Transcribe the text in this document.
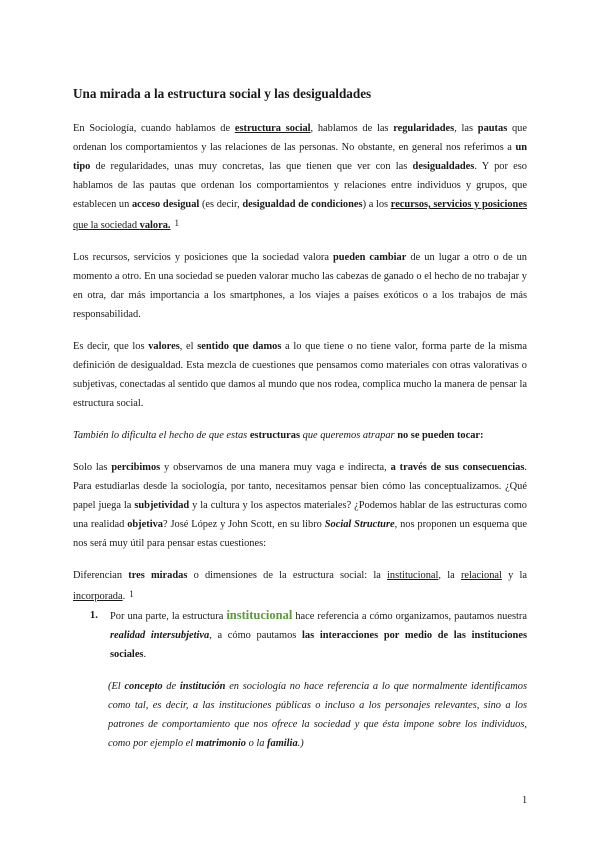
Una mirada a la estructura social y las desigualdades

En Sociología, cuando hablamos de estructura social, hablamos de las regularidades, las pautas que ordenan los comportamientos y las relaciones de las personas. No obstante, en general nos referimos a un tipo de regularidades, unas muy concretas, las que tienen que ver con las desigualdades. Y por eso hablamos de las pautas que ordenan los comportamientos y relaciones entre individuos y grupos, que establecen un acceso desigual (es decir, desigualdad de condiciones) a los recursos, servicios y posiciones que la sociedad valora. 1

Los recursos, servicios y posiciones que la sociedad valora pueden cambiar de un lugar a otro o de un momento a otro. En una sociedad se pueden valorar mucho las cabezas de ganado o el hecho de no trabajar y en otra, dar más importancia a los smartphones, a los viajes a países exóticos o a los trabajos de más responsabilidad.

Es decir, que los valores, el sentido que damos a lo que tiene o no tiene valor, forma parte de la misma definición de desigualdad. Esta mezcla de cuestiones que pensamos como materiales con otras valorativas o subjetivas, conectadas al sentido que damos al mundo que nos rodea, complica mucho la manera de pensar la estructura social.

También lo dificulta el hecho de que estas estructuras que queremos atrapar no se pueden tocar:

Solo las percibimos y observamos de una manera muy vaga e indirecta, a través de sus consecuencias. Para estudiarlas desde la sociología, por tanto, necesitamos pensar bien cómo las conceptualizamos. ¿Qué papel juega la subjetividad y la cultura y los aspectos materiales? ¿Podemos hablar de las estructuras como una realidad objetiva? José López y John Scott, en su libro Social Structure, nos proponen un esquema que nos será muy útil para pensar estas cuestiones:

Diferencian tres miradas o dimensiones de la estructura social: la institucional, la relacional y la incorporada. 1

1. Por una parte, la estructura institucional hace referencia a cómo organizamos, pautamos nuestra realidad intersubjetiva, a cómo pautamos las interacciones por medio de las instituciones sociales.
(El concepto de institución en sociología no hace referencia a lo que normalmente identificamos como tal, es decir, a las instituciones públicas o incluso a los personajes relevantes, sino a los patrones de comportamiento que nos ofrece la sociedad y que ésta impone sobre los individuos, como por ejemplo el matrimonio o la familia.)
1
